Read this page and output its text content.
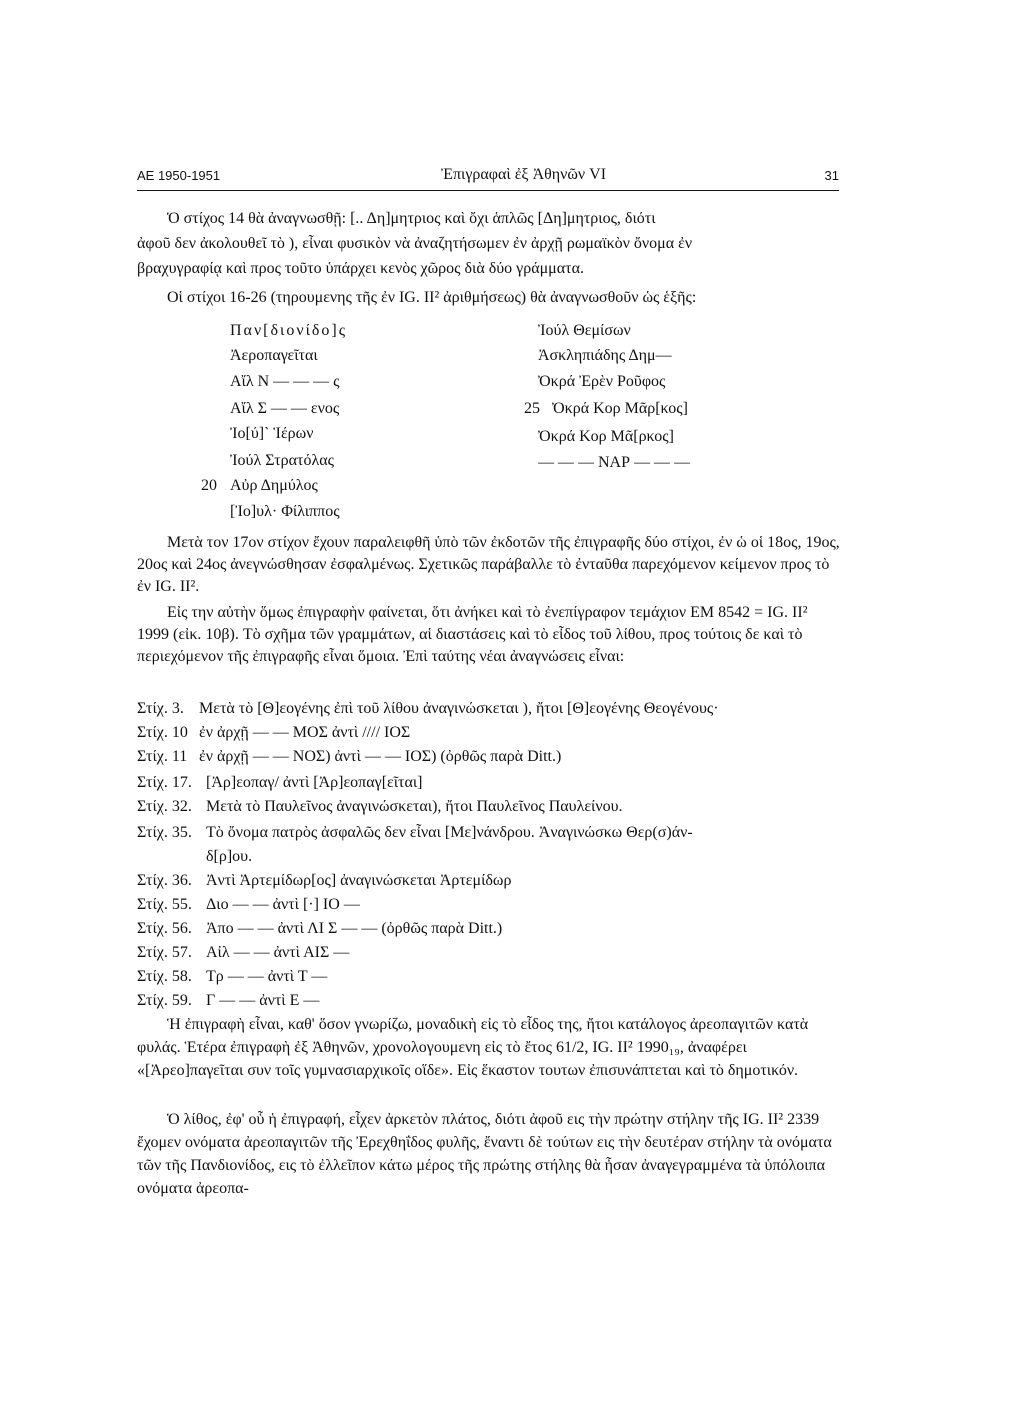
ΑΕ 1950-1951	Ἐπιγραφαὶ ἐξ Ἀθηνῶν VI	31
Ὁ στίχος 14 θὰ ἀναγνωσθῇ: [.. Δη]μητριος καὶ ὄχι ἁπλῶς [Δη]μητριος, διότι
ἀφοῦ δεν ἀκολουθεῖ τὸ ), εἶναι φυσικὸν νὰ ἀναζητήσωμεν ἐν ἀρχῇ ρωμαϊκὸν ὄνομα ἐν
βραχυγραφίᾳ καὶ προς τοῦτο ὑπάρχει κενὸς χῶρος διὰ δύο γράμματα.
Οἱ στίχοι 16-26 (τηρουμενης τῆς ἐν IG. II² ἀριθμήσεως) θὰ ἀναγνωσθοῦν ὡς ἑξῆς:
Παν[διονίδο]ς
Ἀεροπαγεῖται
Αἴλ Ν — — — ς
Αἴλ Σ — — ενος
Ἰο[ύ]` Ἱέρων
Ἰούλ Στρατόλας
20 Αὐρ Δημύλος
[Ἰο]υλ· Φίλιππος
Ἰούλ Θεμίσων
Ἀσκληπιάδης Δημ—
Ὀκρά Ἐρὲν Ροῦφος
25 Ὀκρά Κορ Μᾶρ[κος]
Ὀκρά Κορ Μᾶ[ρκος]
— — — ΝΑΡ — — —
Μετὰ τον 17ον στίχον ἔχουν παραλειφθῆ ὑπὸ τῶν ἐκδοτῶν τῆς ἐπιγραφῆς δύο στίχοι, ἐν ὡ οἱ 18ος, 19ος, 20ος καὶ 24ος ἀνεγνώσθησαν ἐσφαλμένως. Σχετικῶς παράβαλλε τὸ ἐνταῦθα παρεχόμενον κείμενον προς τὸ ἐν IG. II².
Εἰς την αὐτὴν ὅμως ἐπιγραφὴν φαίνεται, ὅτι ἀνήκει καὶ τὸ ἐνεπίγραφον τεμάχιον ΕΜ 8542 = IG. II² 1999 (εἰκ. 10β). Τὸ σχῆμα τῶν γραμμάτων, αἱ διαστάσεις καὶ τὸ εἶδος τοῦ λίθου, προς τούτοις δε καὶ τὸ περιεχόμενον τῆς ἐπιγραφῆς εἶναι ὅμοια. Ἐπὶ ταύτης νέαι ἀναγνώσεις εἶναι:
Στίχ. 3. Μετὰ τὸ [Θ]εογένης ἐπὶ τοῦ λίθου ἀναγινώσκεται ), ἤτοι [Θ]εογένης Θεογένους·
Στίχ. 10 ἐν ἀρχῇ — — ΜΟΣ ἀντὶ //// ΙΟΣ
Στίχ. 11 ἐν ἀρχῇ — — ΝΟΣ) ἀντὶ — — ΙΟΣ) (ὀρθῶς παρὰ Ditt.)
Στίχ. 17. [Ἀρ]εοπαγ/ ἀντὶ [Ἀρ]εοπαγ[εῖται]
Στίχ. 32. Μετὰ τὸ Παυλεῖνος ἀναγινώσκεται), ἤτοι Παυλεῖνος Παυλείνου.
Στίχ. 35. Τὸ ὄνομα πατρὸς ἀσφαλῶς δεν εἶναι [Με]νάνδρου. Ἀναγινώσκω Θερ(σ)άν-
δ[ρ]ου.
Στίχ. 36. Ἀντὶ Ἀρτεμίδωρ[ος] ἀναγινώσκεται Ἀρτεμίδωρ
Στίχ. 55. Διο — — ἀντὶ [·] ΙΟ —
Στίχ. 56. Ἀπο — — ἀντὶ ΛΙ Σ — — (ὀρθῶς παρὰ Ditt.)
Στίχ. 57. Αἰλ — — ἀντὶ ΑΙΣ —
Στίχ. 58. Τρ — — ἀντὶ Τ —
Στίχ. 59. Γ — — ἀντὶ Ε —
Ἡ ἐπιγραφὴ εἶναι, καθ' ὅσον γνωρίζω, μοναδικὴ εἰς τὸ εἶδος της, ἤτοι κατάλογος ἀρεοπαγιτῶν κατὰ φυλάς. Ἑτέρα ἐπιγραφὴ ἐξ Ἀθηνῶν, χρονολογουμενη εἰς τὸ ἔτος 61/2, IG. II² 1990₁₉, ἀναφέρει «[Ἀρεο]παγεῖται συν τοῖς γυμνασιαρχικοῖς οἵδε». Εἰς ἕκαστον τουτων ἐπισυνάπτεται καὶ τὸ δημοτικόν.
Ὁ λίθος, ἐφ' οὗ ἡ ἐπιγραφή, εἶχεν ἀρκετὸν πλάτος, διότι ἀφοῦ εις τὴν πρώτην στήλην τῆς IG. II² 2339 ἔχομεν ονόματα ἀρεοπαγιτῶν τῆς Ἐρεχθηΐδος φυλῆς, ἔναντι δὲ τούτων εις τὴν δευτέραν στήλην τὰ ονόματα τῶν τῆς Πανδιονίδος, εις τὸ ἐλλεῖπον κάτω μέρος τῆς πρώτης στήλης θὰ ἦσαν ἀναγεγραμμένα τὰ ὑπόλοιπα ονόματα ἀρεοπα-
